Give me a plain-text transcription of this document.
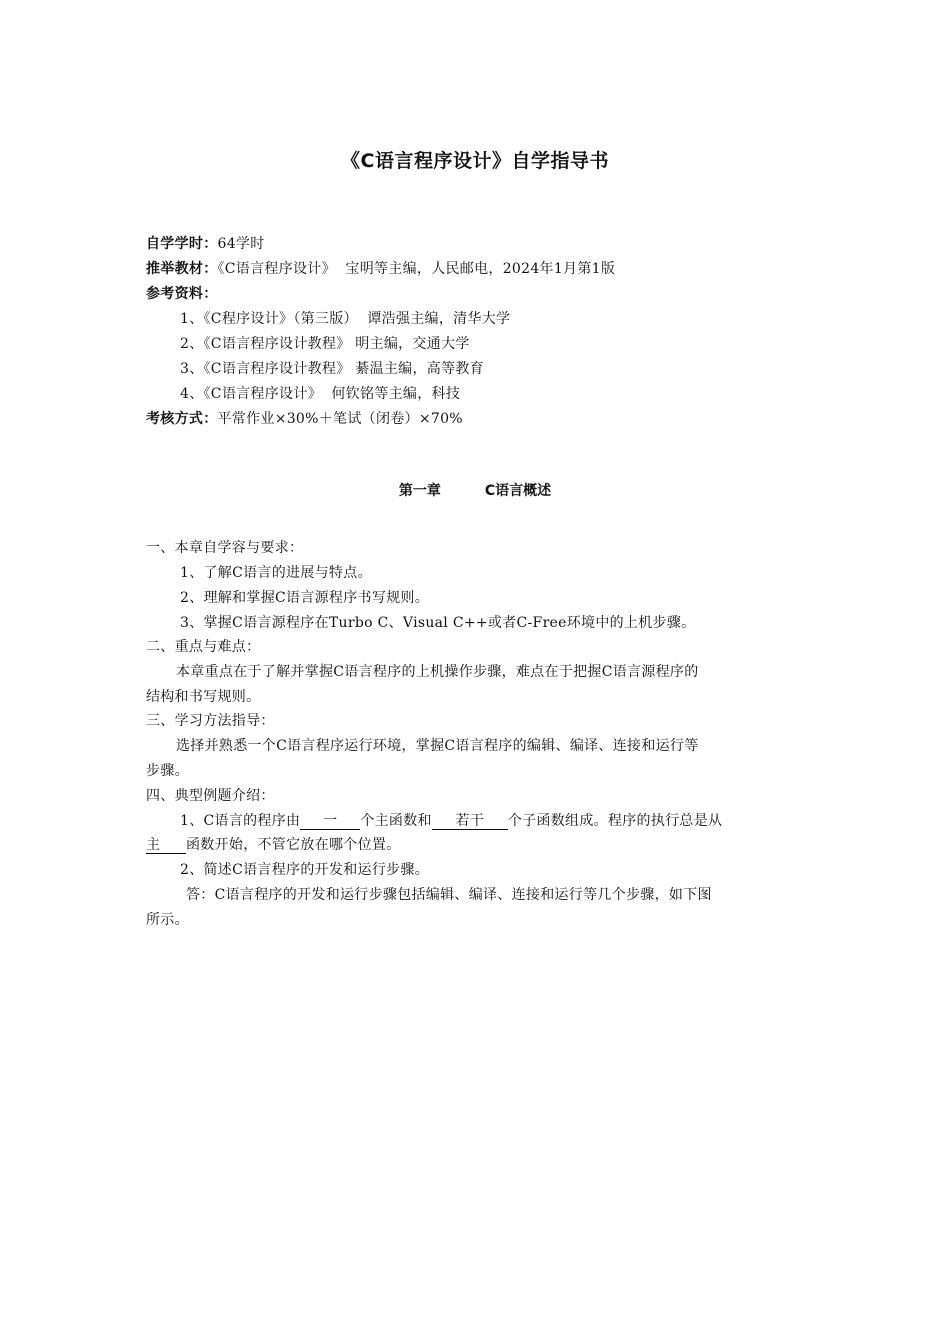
《C语言程序设计》自学指导书
自学学时：64学时
推举教材：《C语言程序设计》  宝明等主编，人民邮电，2024年1月第1版
参考资料：
1、《C程序设计》（第三版）  谭浩强主编，清华大学
2、《C语言程序设计教程》 明主编，交通大学
3、《C语言程序设计教程》 綦温主编，高等教育
4、《C语言程序设计》  何钦铭等主编，科技
考核方式：平常作业×30%＋笔试（闭卷）×70%
第一章	C语言概述
一、本章自学容与要求：
1、了解C语言的进展与特点。
2、理解和掌握C语言源程序书写规则。
3、掌握C语言源程序在Turbo C、Visual C++或者C-Free环境中的上机步骤。
二、重点与难点：
本章重点在于了解并掌握C语言程序的上机操作步骤，难点在于把握C语言源程序的
结构和书写规则。
三、学习方法指导：
选择并熟悉一个C语言程序运行环境，掌握C语言程序的编辑、编译、连接和运行等
步骤。
四、典型例题介绍：
1、C语言的程序由 一 个主函数和 若干 个子函数组成。程序的执行总是从
主 函数开始，不管它放在哪个位置。
2、简述C语言程序的开发和运行步骤。
答：C语言程序的开发和运行步骤包括编辑、编译、连接和运行等几个步骤，如下图
所示。
